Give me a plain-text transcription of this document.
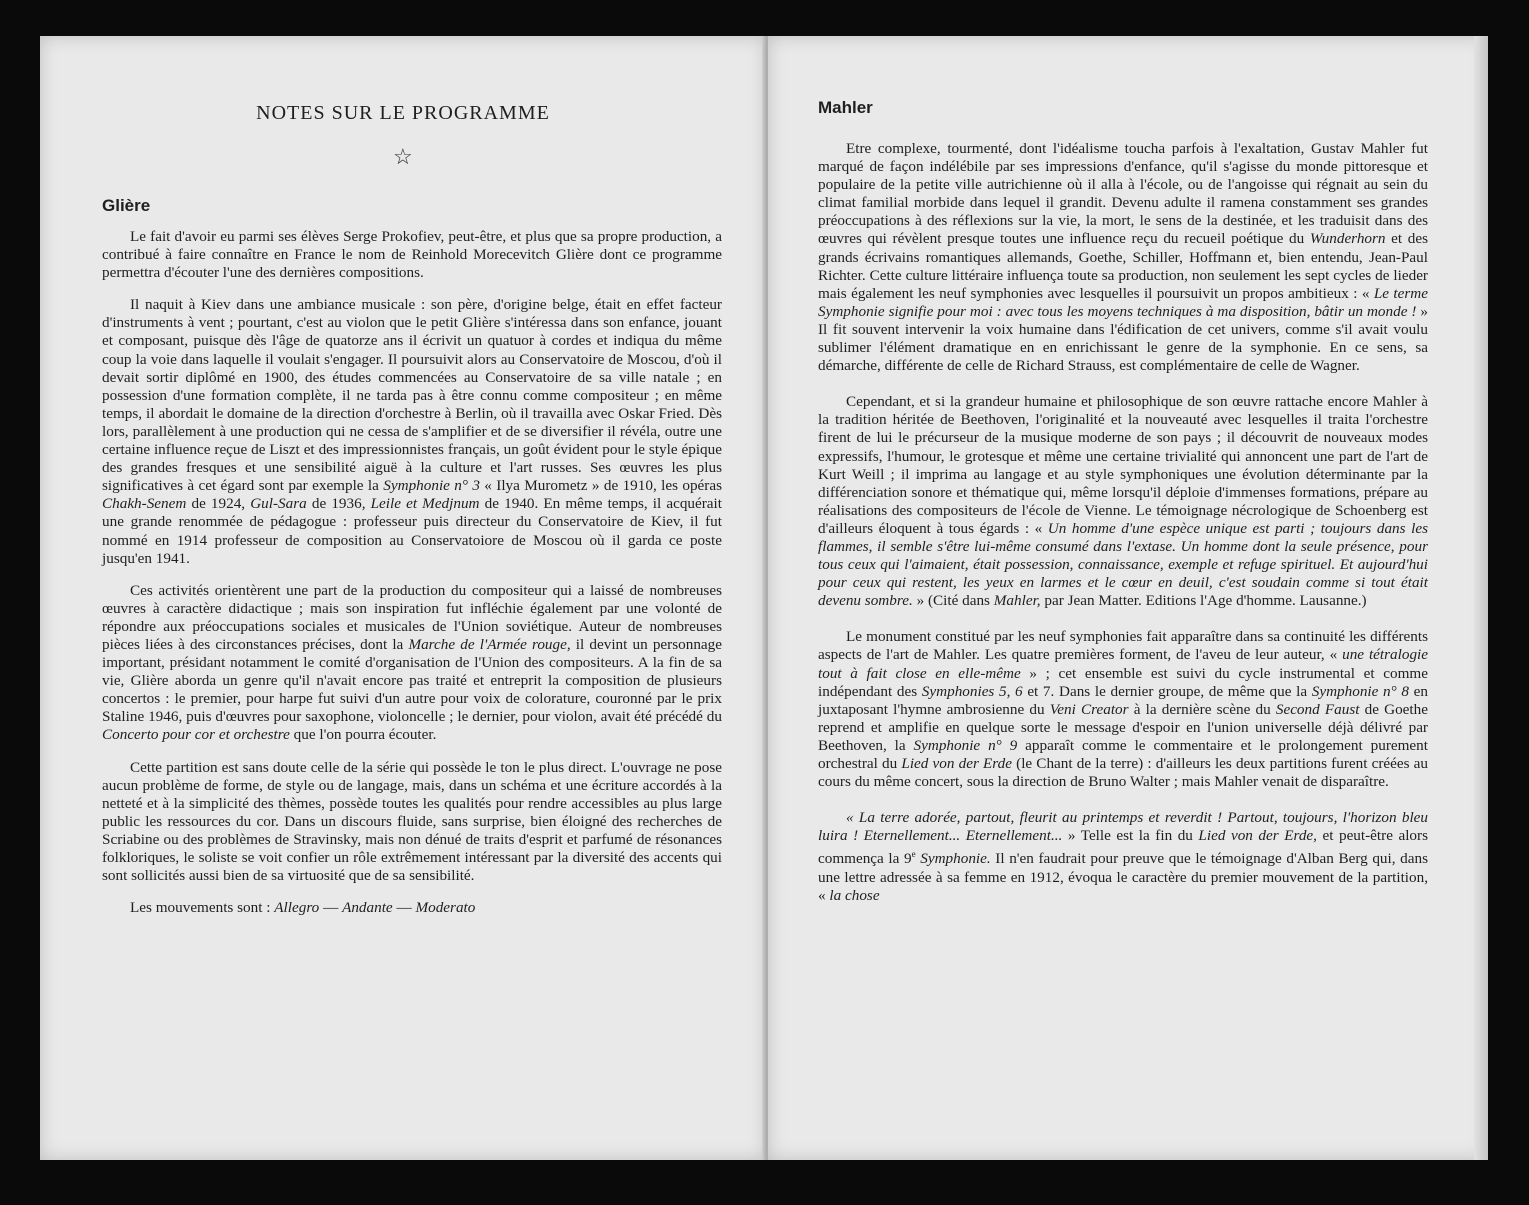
NOTES SUR LE PROGRAMME
☆
Glière

Le fait d'avoir eu parmi ses élèves Serge Prokofiev, peut-être, et plus que sa propre production, a contribué à faire connaître en France le nom de Reinhold Morecevitch Glière dont ce programme permettra d'écouter l'une des dernières compositions.

Il naquit à Kiev dans une ambiance musicale : son père, d'origine belge, était en effet facteur d'instruments à vent ; pourtant, c'est au violon que le petit Glière s'intéressa dans son enfance, jouant et composant, puisque dès l'âge de quatorze ans il écrivit un quatuor à cordes et indiqua du même coup la voie dans laquelle il voulait s'engager. Il poursuivit alors au Conservatoire de Moscou, d'où il devait sortir diplômé en 1900, des études commencées au Conservatoire de sa ville natale ; en possession d'une formation complète, il ne tarda pas à être connu comme compositeur ; en même temps, il abordait le domaine de la direction d'orchestre à Berlin, où il travailla avec Oskar Fried. Dès lors, parallèlement à une production qui ne cessa de s'amplifier et de se diversifier il révéla, outre une certaine influence reçue de Liszt et des impressionnistes français, un goût évident pour le style épique des grandes fresques et une sensibilité aiguë à la culture et l'art russes. Ses œuvres les plus significatives à cet égard sont par exemple la Symphonie n° 3 « Ilya Murometz » de 1910, les opéras Chakh-Senem de 1924, Gul-Sara de 1936, Leile et Medjnum de 1940. En même temps, il acquérait une grande renommée de pédagogue : professeur puis directeur du Conservatoire de Kiev, il fut nommé en 1914 professeur de composition au Conservatoiore de Moscou où il garda ce poste jusqu'en 1941.

Ces activités orientèrent une part de la production du compositeur qui a laissé de nombreuses œuvres à caractère didactique ; mais son inspiration fut infléchie également par une volonté de répondre aux préoccupations sociales et musicales de l'Union soviétique. Auteur de nombreuses pièces liées à des circonstances précises, dont la Marche de l'Armée rouge, il devint un personnage important, présidant notamment le comité d'organisation de l'Union des compositeurs. A la fin de sa vie, Glière aborda un genre qu'il n'avait encore pas traité et entreprit la composition de plusieurs concertos : le premier, pour harpe fut suivi d'un autre pour voix de colorature, couronné par le prix Staline 1946, puis d'œuvres pour saxophone, violoncelle ; le dernier, pour violon, avait été précédé du Concerto pour cor et orchestre que l'on pourra écouter.

Cette partition est sans doute celle de la série qui possède le ton le plus direct. L'ouvrage ne pose aucun problème de forme, de style ou de langage, mais, dans un schéma et une écriture accordés à la netteté et à la simplicité des thèmes, possède toutes les qualités pour rendre accessibles au plus large public les ressources du cor. Dans un discours fluide, sans surprise, bien éloigné des recherches de Scriabine ou des problèmes de Stravinsky, mais non dénué de traits d'esprit et parfumé de résonances folkloriques, le soliste se voit confier un rôle extrêmement intéressant par la diversité des accents qui sont sollicités aussi bien de sa virtuosité que de sa sensibilité.

Les mouvements sont : Allegro — Andante — Moderato

Mahler

Etre complexe, tourmenté, dont l'idéalisme toucha parfois à l'exaltation, Gustav Mahler fut marqué de façon indélébile par ses impressions d'enfance, qu'il s'agisse du monde pittoresque et populaire de la petite ville autrichienne où il alla à l'école, ou de l'angoisse qui régnait au sein du climat familial morbide dans lequel il grandit. Devenu adulte il ramena constamment ses grandes préoccupations à des réflexions sur la vie, la mort, le sens de la destinée, et les traduisit dans des œuvres qui révèlent presque toutes une influence reçu du recueil poétique du Wunderhorn et des grands écrivains romantiques allemands, Goethe, Schiller, Hoffmann et, bien entendu, Jean-Paul Richter. Cette culture littéraire influença toute sa production, non seulement les sept cycles de lieder mais également les neuf symphonies avec lesquelles il poursuivit un propos ambitieux : « Le terme Symphonie signifie pour moi : avec tous les moyens techniques à ma disposition, bâtir un monde ! » Il fit souvent intervenir la voix humaine dans l'édification de cet univers, comme s'il avait voulu sublimer l'élément dramatique en en enrichissant le genre de la symphonie. En ce sens, sa démarche, différente de celle de Richard Strauss, est complémentaire de celle de Wagner.

Cependant, et si la grandeur humaine et philosophique de son œuvre rattache encore Mahler à la tradition héritée de Beethoven, l'originalité et la nouveauté avec lesquelles il traita l'orchestre firent de lui le précurseur de la musique moderne de son pays ; il découvrit de nouveaux modes expressifs, l'humour, le grotesque et même une certaine trivialité qui annoncent une part de l'art de Kurt Weill ; il imprima au langage et au style symphoniques une évolution déterminante par la différenciation sonore et thématique qui, même lorsqu'il déploie d'immenses formations, prépare au réalisations des compositeurs de l'école de Vienne. Le témoignage nécrologique de Schoenberg est d'ailleurs éloquent à tous égards : « Un homme d'une espèce unique est parti ; toujours dans les flammes, il semble s'être lui-même consumé dans l'extase. Un homme dont la seule présence, pour tous ceux qui l'aimaient, était possession, connaissance, exemple et refuge spirituel. Et aujourd'hui pour ceux qui restent, les yeux en larmes et le cœur en deuil, c'est soudain comme si tout était devenu sombre. » (Cité dans Mahler, par Jean Matter. Editions l'Age d'homme. Lausanne.)

Le monument constitué par les neuf symphonies fait apparaître dans sa continuité les différents aspects de l'art de Mahler. Les quatre premières forment, de l'aveu de leur auteur, « une tétralogie tout à fait close en elle-même » ; cet ensemble est suivi du cycle instrumental et comme indépendant des Symphonies 5, 6 et 7. Dans le dernier groupe, de même que la Symphonie n° 8 en juxtaposant l'hymne ambrosienne du Veni Creator à la dernière scène du Second Faust de Goethe reprend et amplifie en quelque sorte le message d'espoir en l'union universelle déjà délivré par Beethoven, la Symphonie n° 9 apparaît comme le commentaire et le prolongement purement orchestral du Lied von der Erde (le Chant de la terre) : d'ailleurs les deux partitions furent créées au cours du même concert, sous la direction de Bruno Walter ; mais Mahler venait de disparaître.

« La terre adorée, partout, fleurit au printemps et reverdit ! Partout, toujours, l'horizon bleu luira ! Eternellement... Eternellement... » Telle est la fin du Lied von der Erde, et peut-être alors commença la 9e Symphonie. Il n'en faudrait pour preuve que le témoignage d'Alban Berg qui, dans une lettre adressée à sa femme en 1912, évoqua le caractère du premier mouvement de la partition, « la chose
